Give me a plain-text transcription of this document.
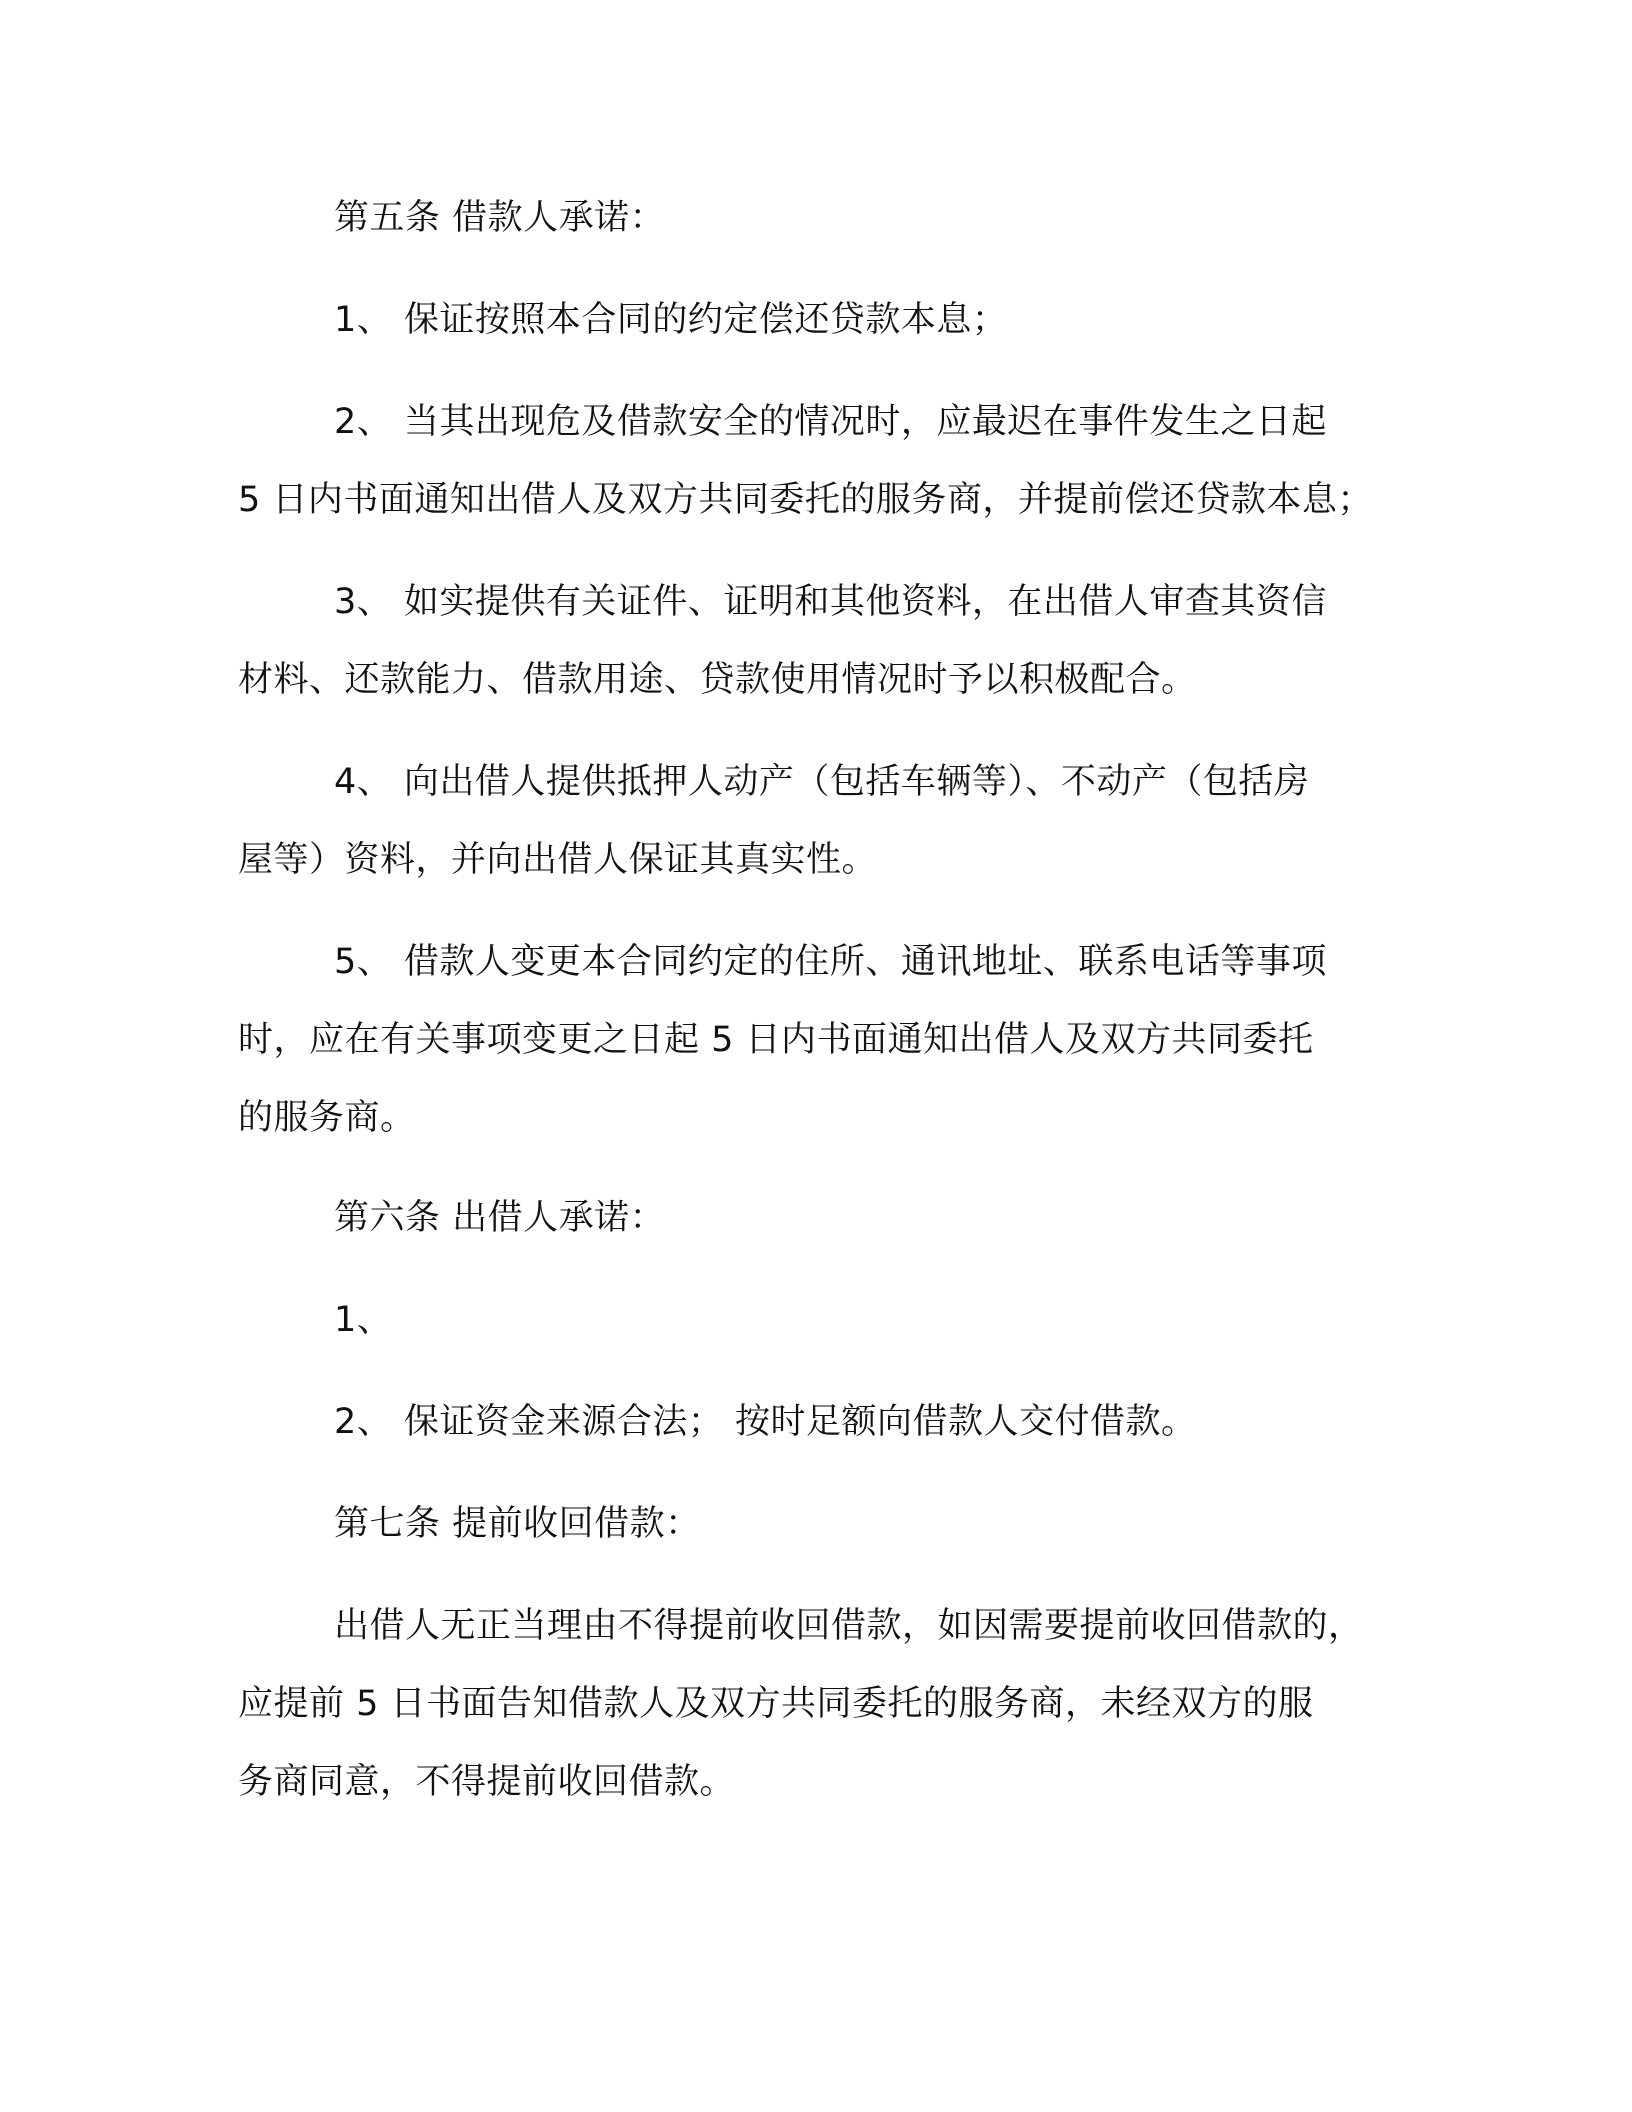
第五条 借款人承诺：
1、 保证按照本合同的约定偿还贷款本息；
2、 当其出现危及借款安全的情况时，应最迟在事件发生之日起
5 日内书面通知出借人及双方共同委托的服务商，并提前偿还贷款本息；
3、 如实提供有关证件、证明和其他资料，在出借人审查其资信
材料、还款能力、借款用途、贷款使用情况时予以积极配合。
4、 向出借人提供抵押人动产（包括车辆等）、不动产（包括房
屋等）资料，并向出借人保证其真实性。
5、 借款人变更本合同约定的住所、通讯地址、联系电话等事项
时，应在有关事项变更之日起 5 日内书面通知出借人及双方共同委托
的服务商。
第六条 出借人承诺：
1、
2、 保证资金来源合法； 按时足额向借款人交付借款。
第七条 提前收回借款：
出借人无正当理由不得提前收回借款，如因需要提前收回借款的，
应提前 5 日书面告知借款人及双方共同委托的服务商，未经双方的服
务商同意，不得提前收回借款。
